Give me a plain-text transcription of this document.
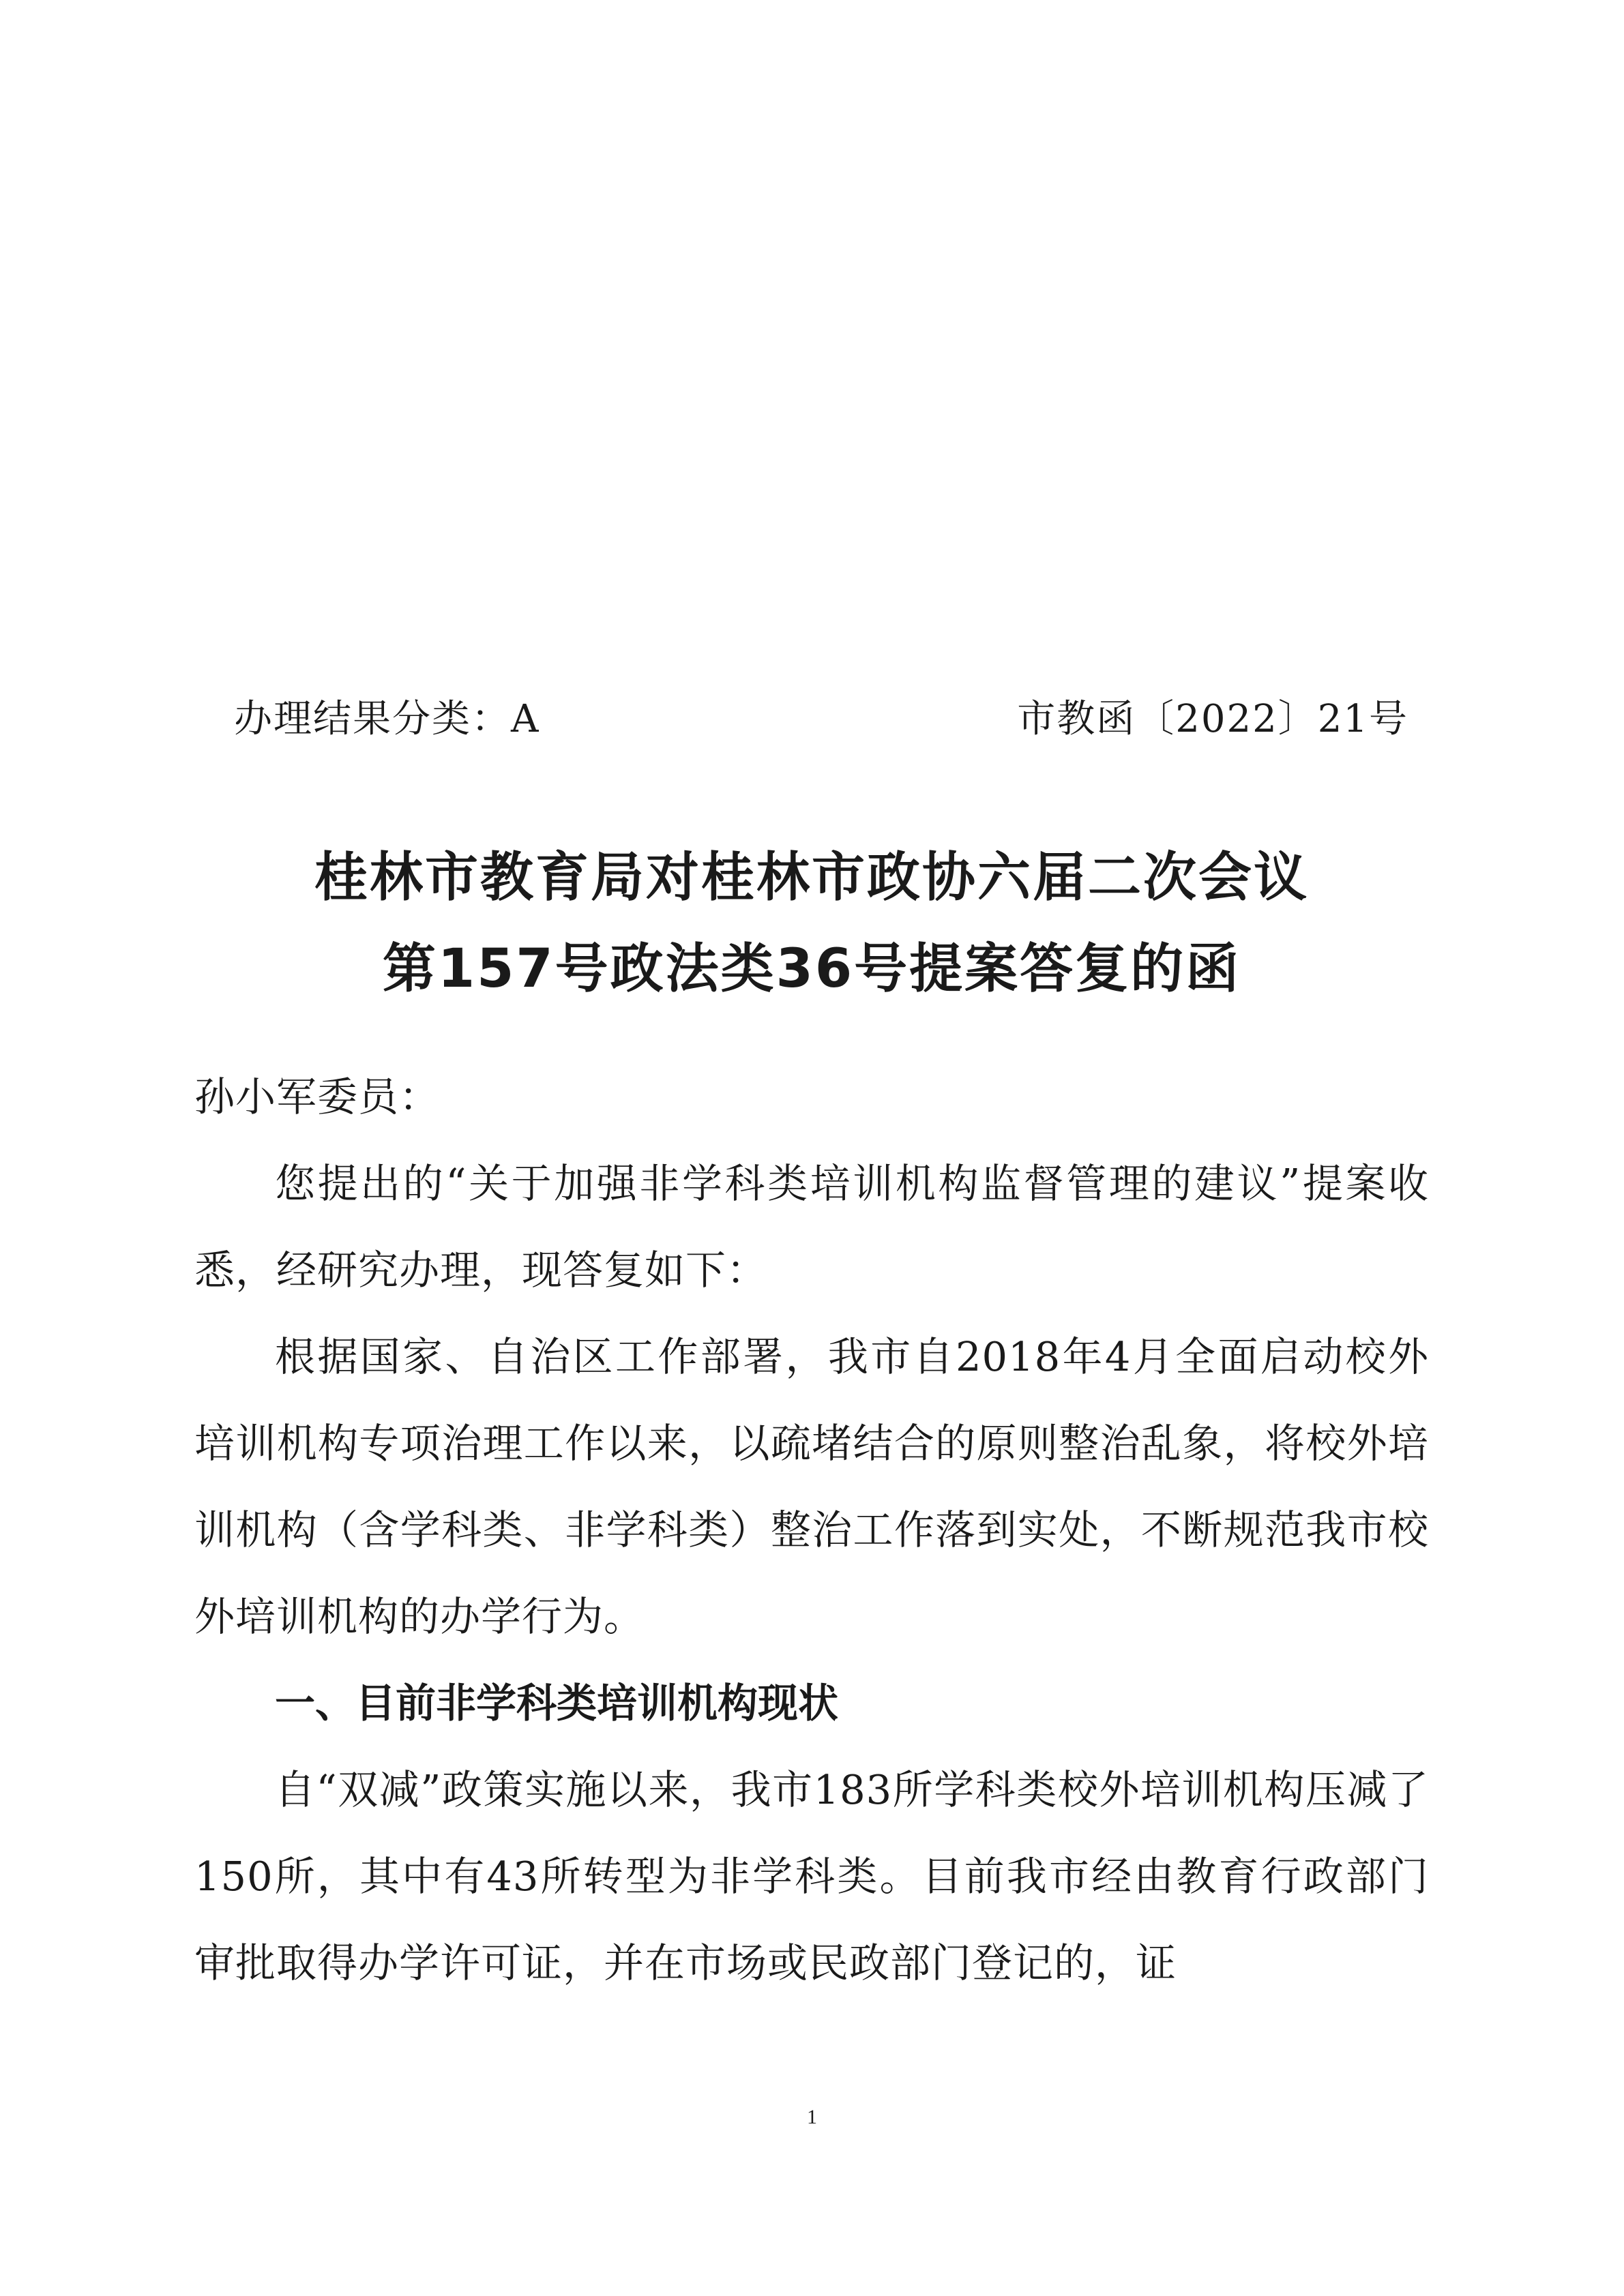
办理结果分类：A	市教函〔2022〕21号
桂林市教育局对桂林市政协六届二次会议
第157号政法类36号提案答复的函

孙小军委员：

您提出的“关于加强非学科类培训机构监督管理的建议”提案收悉，经研究办理，现答复如下：

根据国家、自治区工作部署，我市自2018年4月全面启动校外培训机构专项治理工作以来，以疏堵结合的原则整治乱象，将校外培训机构（含学科类、非学科类）整治工作落到实处，不断规范我市校外培训机构的办学行为。

一、目前非学科类培训机构现状

自“双减”政策实施以来，我市183所学科类校外培训机构压减了150所，其中有43所转型为非学科类。目前我市经由教育行政部门审批取得办学许可证，并在市场或民政部门登记的，证

1
